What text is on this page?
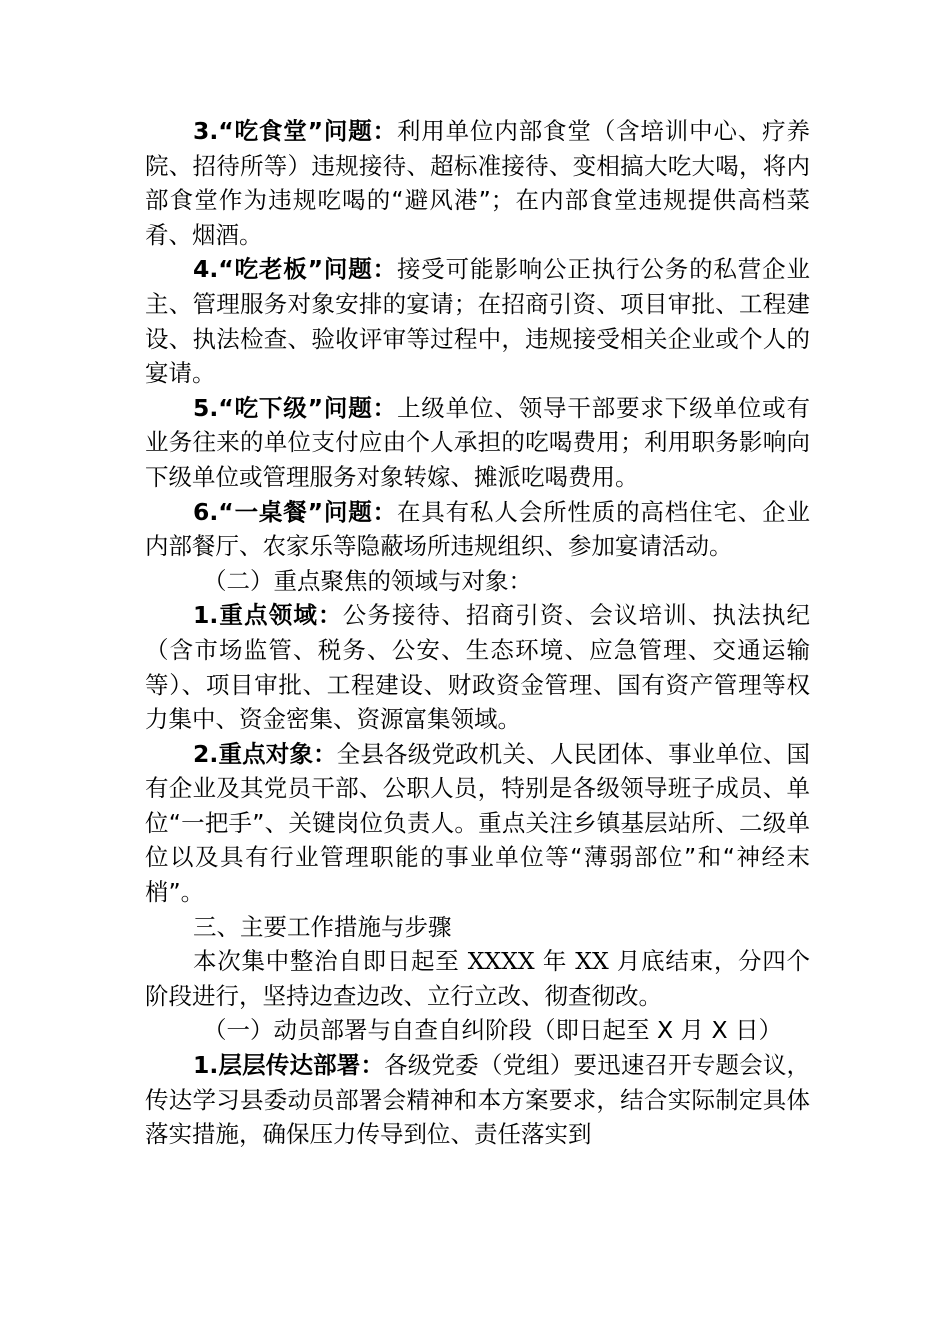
3.“吃食堂”问题：利用单位内部食堂（含培训中心、疗养院、招待所等）违规接待、超标准接待、变相搞大吃大喝，将内部食堂作为违规吃喝的“避风港”；在内部食堂违规提供高档菜肴、烟酒。

4.“吃老板”问题：接受可能影响公正执行公务的私营企业主、管理服务对象安排的宴请；在招商引资、项目审批、工程建设、执法检查、验收评审等过程中，违规接受相关企业或个人的宴请。

5.“吃下级”问题：上级单位、领导干部要求下级单位或有业务往来的单位支付应由个人承担的吃喝费用；利用职务影响向下级单位或管理服务对象转嫁、摊派吃喝费用。

6.“一桌餐”问题：在具有私人会所性质的高档住宅、企业内部餐厅、农家乐等隐蔽场所违规组织、参加宴请活动。

（二）重点聚焦的领域与对象：

1.重点领域：公务接待、招商引资、会议培训、执法执纪（含市场监管、税务、公安、生态环境、应急管理、交通运输等）、项目审批、工程建设、财政资金管理、国有资产管理等权力集中、资金密集、资源富集领域。

2.重点对象：全县各级党政机关、人民团体、事业单位、国有企业及其党员干部、公职人员，特别是各级领导班子成员、单位“一把手”、关键岗位负责人。重点关注乡镇基层站所、二级单位以及具有行业管理职能的事业单位等“薄弱部位”和“神经末梢”。

三、主要工作措施与步骤

本次集中整治自即日起至 XXXX 年 XX 月底结束，分四个阶段进行，坚持边查边改、立行立改、彻查彻改。

（一）动员部署与自查自纠阶段（即日起至 X 月 X 日）

1.层层传达部署：各级党委（党组）要迅速召开专题会议，传达学习县委动员部署会精神和本方案要求，结合实际制定具体落实措施，确保压力传导到位、责任落实到
